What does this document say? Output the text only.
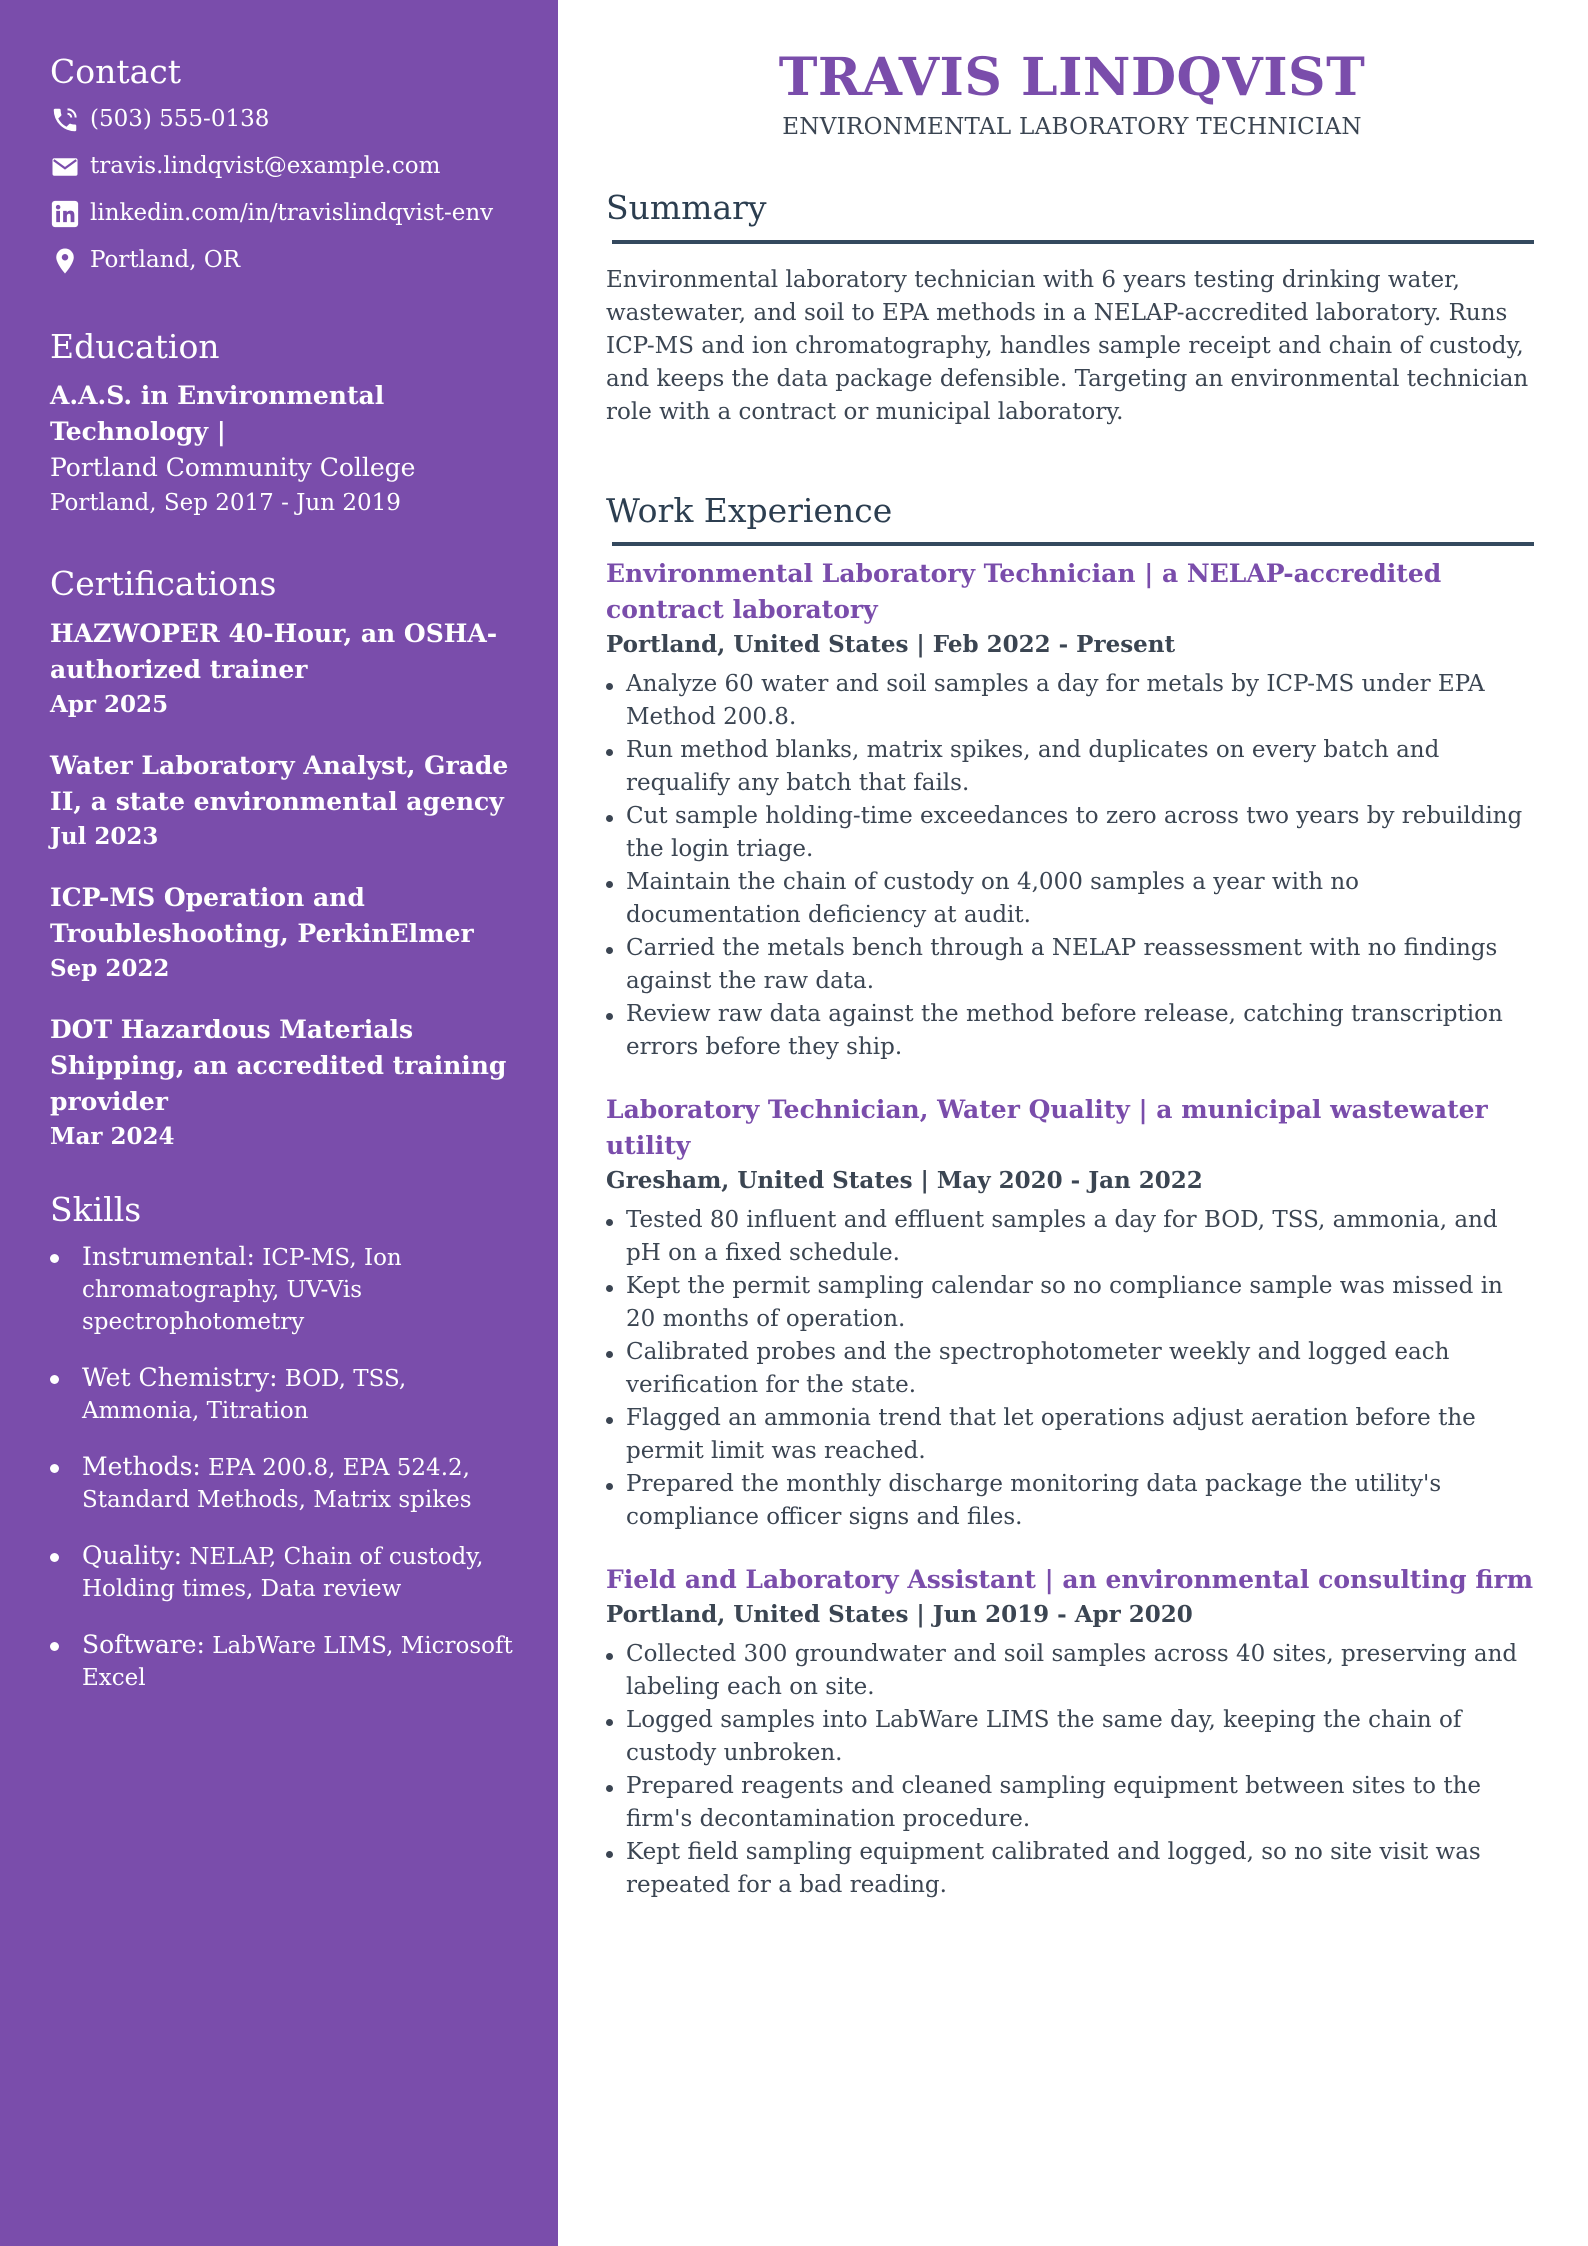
Contact
(503) 555-0138
travis.lindqvist@example.com
linkedin.com/in/travislindqvist-env
Portland, OR
Education
A.A.S. in Environmental Technology |
Portland Community College
Portland, Sep 2017 - Jun 2019
Certifications
HAZWOPER 40-Hour, an OSHA-authorized trainer
Apr 2025
Water Laboratory Analyst, Grade II, a state environmental agency
Jul 2023
ICP-MS Operation and Troubleshooting, PerkinElmer
Sep 2022
DOT Hazardous Materials Shipping, an accredited training provider
Mar 2024
Skills
Instrumental: ICP-MS, Ion chromatography, UV-Vis spectrophotometry
Wet Chemistry: BOD, TSS, Ammonia, Titration
Methods: EPA 200.8, EPA 524.2, Standard Methods, Matrix spikes
Quality: NELAP, Chain of custody, Holding times, Data review
Software: LabWare LIMS, Microsoft Excel
TRAVIS LINDQVIST
ENVIRONMENTAL LABORATORY TECHNICIAN
Summary

Environmental laboratory technician with 6 years testing drinking water, wastewater, and soil to EPA methods in a NELAP-accredited laboratory. Runs ICP-MS and ion chromatography, handles sample receipt and chain of custody, and keeps the data package defensible. Targeting an environmental technician role with a contract or municipal laboratory.

Work Experience
Environmental Laboratory Technician | a NELAP-accredited contract laboratory
Portland, United States | Feb 2022 - Present
Analyze 60 water and soil samples a day for metals by ICP-MS under EPA Method 200.8.
Run method blanks, matrix spikes, and duplicates on every batch and requalify any batch that fails.
Cut sample holding-time exceedances to zero across two years by rebuilding the login triage.
Maintain the chain of custody on 4,000 samples a year with no documentation deficiency at audit.
Carried the metals bench through a NELAP reassessment with no findings against the raw data.
Review raw data against the method before release, catching transcription errors before they ship.
Laboratory Technician, Water Quality | a municipal wastewater utility
Gresham, United States | May 2020 - Jan 2022
Tested 80 influent and effluent samples a day for BOD, TSS, ammonia, and pH on a fixed schedule.
Kept the permit sampling calendar so no compliance sample was missed in 20 months of operation.
Calibrated probes and the spectrophotometer weekly and logged each verification for the state.
Flagged an ammonia trend that let operations adjust aeration before the permit limit was reached.
Prepared the monthly discharge monitoring data package the utility's compliance officer signs and files.
Field and Laboratory Assistant | an environmental consulting firm
Portland, United States | Jun 2019 - Apr 2020
Collected 300 groundwater and soil samples across 40 sites, preserving and labeling each on site.
Logged samples into LabWare LIMS the same day, keeping the chain of custody unbroken.
Prepared reagents and cleaned sampling equipment between sites to the firm's decontamination procedure.
Kept field sampling equipment calibrated and logged, so no site visit was repeated for a bad reading.
